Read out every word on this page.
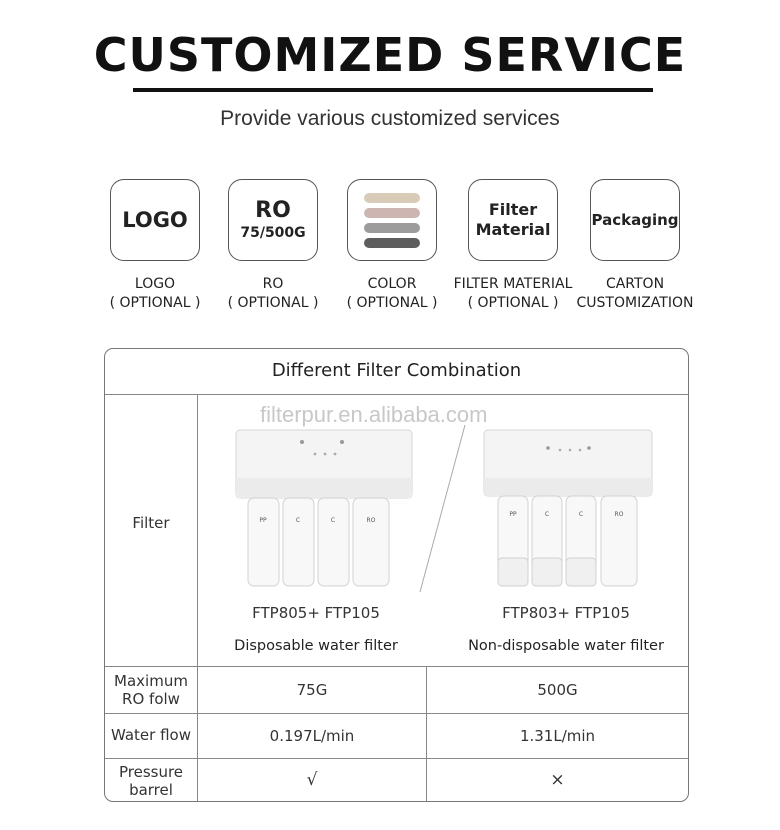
CUSTOMIZED SERVICE
Provide various customized services
LOGO	RO
75/500G
Filter
Material	Packaging
LOGO
( OPTIONAL )
RO
( OPTIONAL )
COLOR
( OPTIONAL )
FILTER MATERIAL
( OPTIONAL )
CARTON
CUSTOMIZATION
Different Filter Combination
filterpur.en.alibaba.com
Filter	PP	C	C	RO
PP	C	C	RO
FTP805+ FTP105	FTP803+ FTP105
Disposable water filter	Non-disposable water filter
Maximum
RO folw	75G	500G
Water flow	0.197L/min	1.31L/min
Pressure
barrel	√	×
